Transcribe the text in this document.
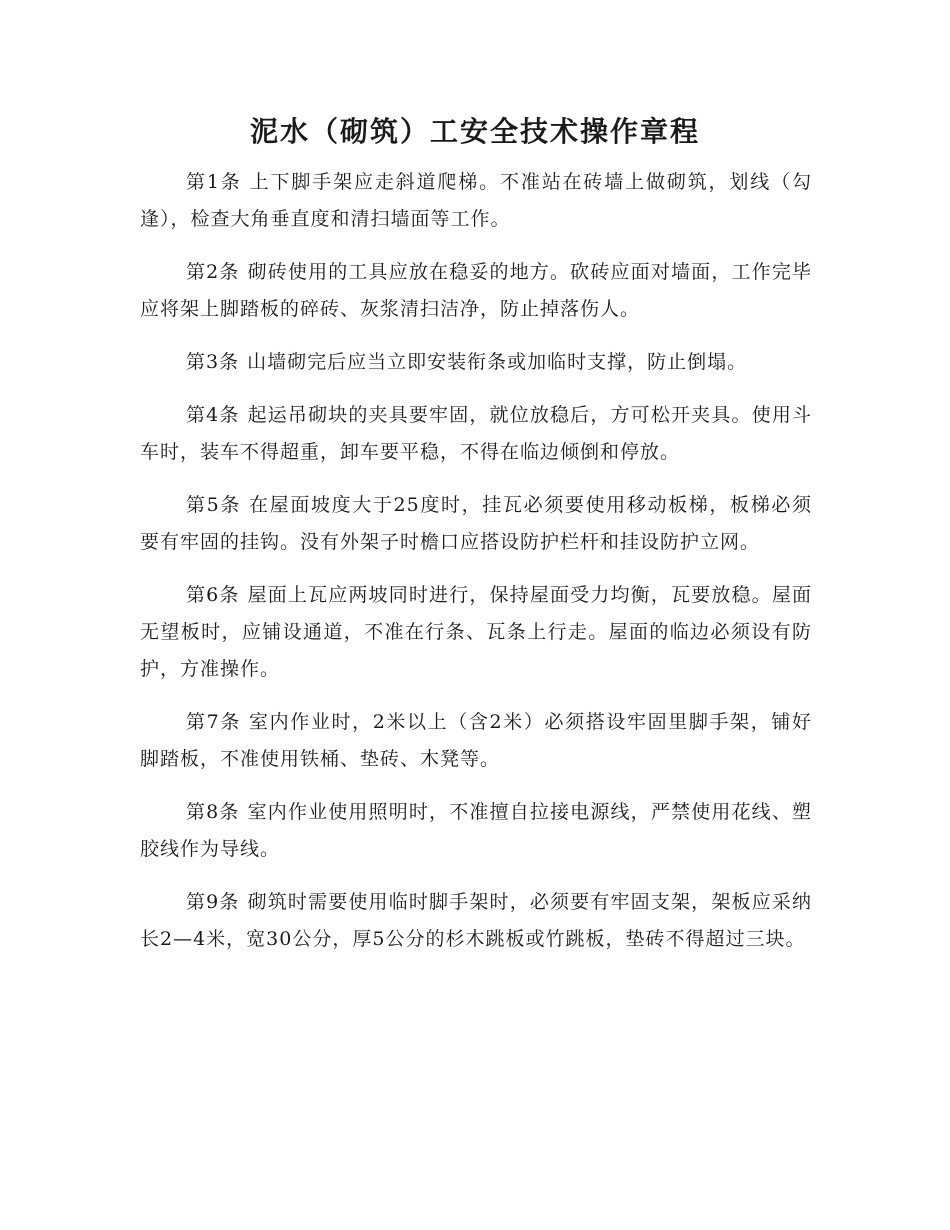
泥水（砌筑）工安全技术操作章程

第1条 上下脚手架应走斜道爬梯。不准站在砖墙上做砌筑，划线（勾逢），检查大角垂直度和清扫墙面等工作。

第2条 砌砖使用的工具应放在稳妥的地方。砍砖应面对墙面，工作完毕应将架上脚踏板的碎砖、灰浆清扫洁净，防止掉落伤人。

第3条 山墙砌完后应当立即安装衔条或加临时支撑，防止倒塌。

第4条 起运吊砌块的夹具要牢固，就位放稳后，方可松开夹具。使用斗车时，装车不得超重，卸车要平稳，不得在临边倾倒和停放。

第5条 在屋面坡度大于25度时，挂瓦必须要使用移动板梯，板梯必须要有牢固的挂钩。没有外架子时檐口应搭设防护栏杆和挂设防护立网。

第6条 屋面上瓦应两坡同时进行，保持屋面受力均衡，瓦要放稳。屋面无望板时，应铺设通道，不准在行条、瓦条上行走。屋面的临边必须设有防护，方准操作。

第7条 室内作业时，2米以上（含2米）必须搭设牢固里脚手架，铺好脚踏板，不准使用铁桶、垫砖、木凳等。

第8条 室内作业使用照明时，不准擅自拉接电源线，严禁使用花线、塑胶线作为导线。

第9条 砌筑时需要使用临时脚手架时，必须要有牢固支架，架板应采纳长2—4米，宽30公分，厚5公分的杉木跳板或竹跳板，垫砖不得超过三块。
